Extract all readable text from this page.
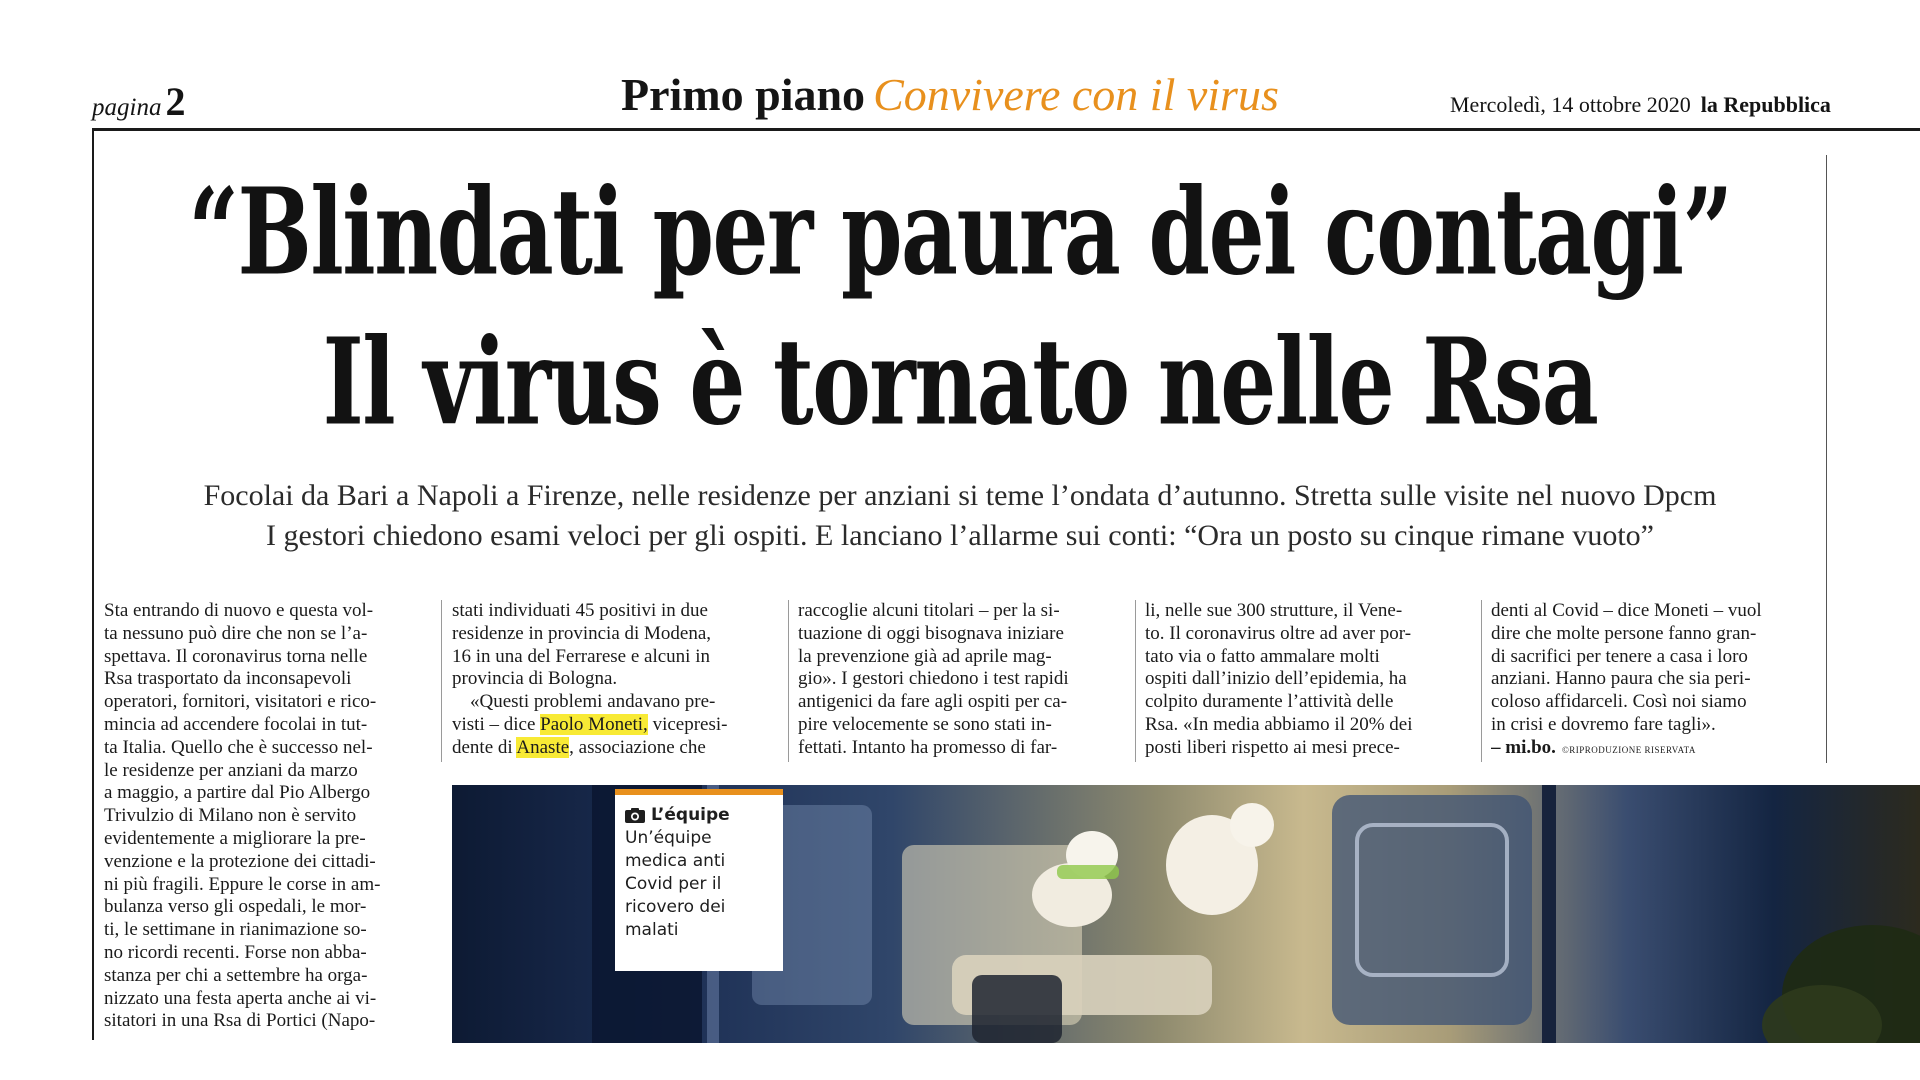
pagina 2	Primo piano Convivere con il virus	Mercoledì, 14 ottobre 2020 la Repubblica
“Blindati per paura dei contagi”
Il virus è tornato nelle Rsa
Focolai da Bari a Napoli a Firenze, nelle residenze per anziani si teme l’ondata d’autunno. Stretta sulle visite nel nuovo Dpcm
I gestori chiedono esami veloci per gli ospiti. E lanciano l’allarme sui conti: “Ora un posto su cinque rimane vuoto”
Sta entrando di nuovo e questa vol-
ta nessuno può dire che non se l’a-
spettava. Il coronavirus torna nelle
Rsa trasportato da inconsapevoli
operatori, fornitori, visitatori e rico-
mincia ad accendere focolai in tut-
ta Italia. Quello che è successo nel-
le residenze per anziani da marzo
a maggio, a partire dal Pio Albergo
Trivulzio di Milano non è servito
evidentemente a migliorare la pre-
venzione e la protezione dei cittadi-
ni più fragili. Eppure le corse in am-
bulanza verso gli ospedali, le mor-
ti, le settimane in rianimazione so-
no ricordi recenti. Forse non abba-
stanza per chi a settembre ha orga-
nizzato una festa aperta anche ai vi-
sitatori in una Rsa di Portici (Napo-
stati individuati 45 positivi in due
residenze in provincia di Modena,
16 in una del Ferrarese e alcuni in
provincia di Bologna.
«Questi problemi andavano pre-
visti – dice Paolo Moneti, vicepresi-
dente di Anaste, associazione che
raccoglie alcuni titolari – per la si-
tuazione di oggi bisognava iniziare
la prevenzione già ad aprile mag-
gio». I gestori chiedono i test rapidi
antigenici da fare agli ospiti per ca-
pire velocemente se sono stati in-
fettati. Intanto ha promesso di far-
li, nelle sue 300 strutture, il Vene-
to. Il coronavirus oltre ad aver por-
tato via o fatto ammalare molti
ospiti dall’inizio dell’epidemia, ha
colpito duramente l’attività delle
Rsa. «In media abbiamo il 20% dei
posti liberi rispetto ai mesi prece-
denti al Covid – dice Moneti – vuol
dire che molte persone fanno gran-
di sacrifici per tenere a casa i loro
anziani. Hanno paura che sia peri-
coloso affidarceli. Così noi siamo
in crisi e dovremo fare tagli».
– mi.bo. ©RIPRODUZIONE RISERVATA
L’équipe
Un’équipe medica anti Covid per il ricovero dei malati
